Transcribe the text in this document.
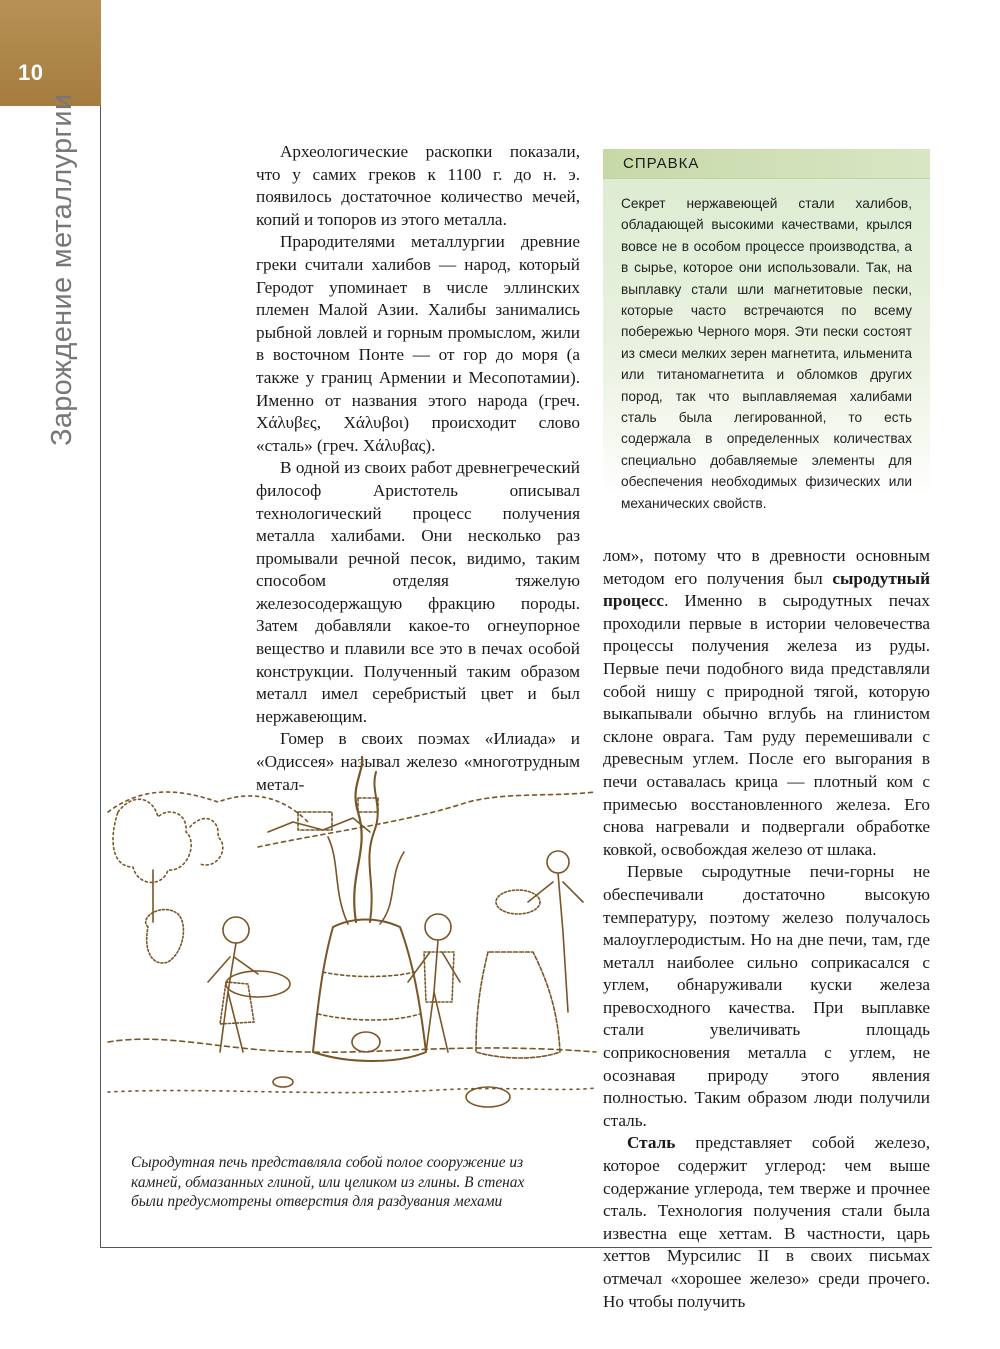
10
Зарождение металлургии	Археологические раскопки показали, что у самих греков к 1100 г. до н. э. появилось достаточное количество мечей, копий и топоров из этого металла.

Прародителями металлургии древние греки считали халибов — народ, который Геродот упоминает в числе эллинских племен Малой Азии. Халибы занимались рыбной ловлей и горным промыслом, жили в восточном Понте — от гор до моря (а также у границ Армении и Месопотамии). Именно от названия этого народа (греч. Χάλυβες, Χάλυβοι) происходит слово «сталь» (греч. Χάλυβας).

В одной из своих работ древнегреческий философ Аристотель описывал технологический процесс получения металла халибами. Они несколько раз промывали речной песок, видимо, таким способом отделяя тяжелую железосодержащую фракцию породы. Затем добавляли какое-то огнеупорное вещество и плавили все это в печах особой конструкции. Полученный таким образом металл имел серебристый цвет и был нержавеющим.

Гомер в своих поэмах «Илиада» и «Одиссея» называл железо «многотрудным метал-

СПРАВКА
Секрет нержавеющей стали халибов, обладающей высокими качествами, крылся вовсе не в особом процессе производства, а в сырье, которое они использовали. Так, на выплавку стали шли магнетитовые пески, которые часто встречаются по всему побережью Черного моря. Эти пески состоят из смеси мелких зерен магнетита, ильменита или титаномагнетита и обломков других пород, так что выплавляемая халибами сталь была легированной, то есть содержала в определенных количествах специально добавляемые элементы для обеспечения необходимых физических или механических свойств.

лом», потому что в древности основным методом его получения был сыродутный процесс. Именно в сыродутных печах проходили первые в истории человечества процессы получения железа из руды. Первые печи подобного вида представляли собой нишу с природной тягой, которую выкапывали обычно вглубь на глинистом склоне оврага. Там руду перемешивали с древесным углем. После его выгорания в печи оставалась крица — плотный ком с примесью восстановленного железа. Его снова нагревали и подвергали обработке ковкой, освобождая железо от шлака.

Первые сыродутные печи-горны не обеспечивали достаточно высокую температуру, поэтому железо получалось малоуглеродистым. Но на дне печи, там, где металл наиболее сильно соприкасался с углем, обнаруживали куски железа превосходного качества. При выплавке стали увеличивать площадь соприкосновения металла с углем, не осознавая природу этого явления полностью. Таким образом люди получили сталь.

Сталь представляет собой железо, которое содержит углерод: чем выше содержание углерода, тем тверже и прочнее сталь. Технология получения стали была известна еще хеттам. В частности, царь хеттов Мурсилис II в своих письмах отмечал «хорошее железо» среди прочего. Но чтобы получить

Сыродутная печь представляла собой полое сооружение из камней, обмазанных глиной, или целиком из глины. В стенах были предусмотрены отверстия для раздувания мехами
